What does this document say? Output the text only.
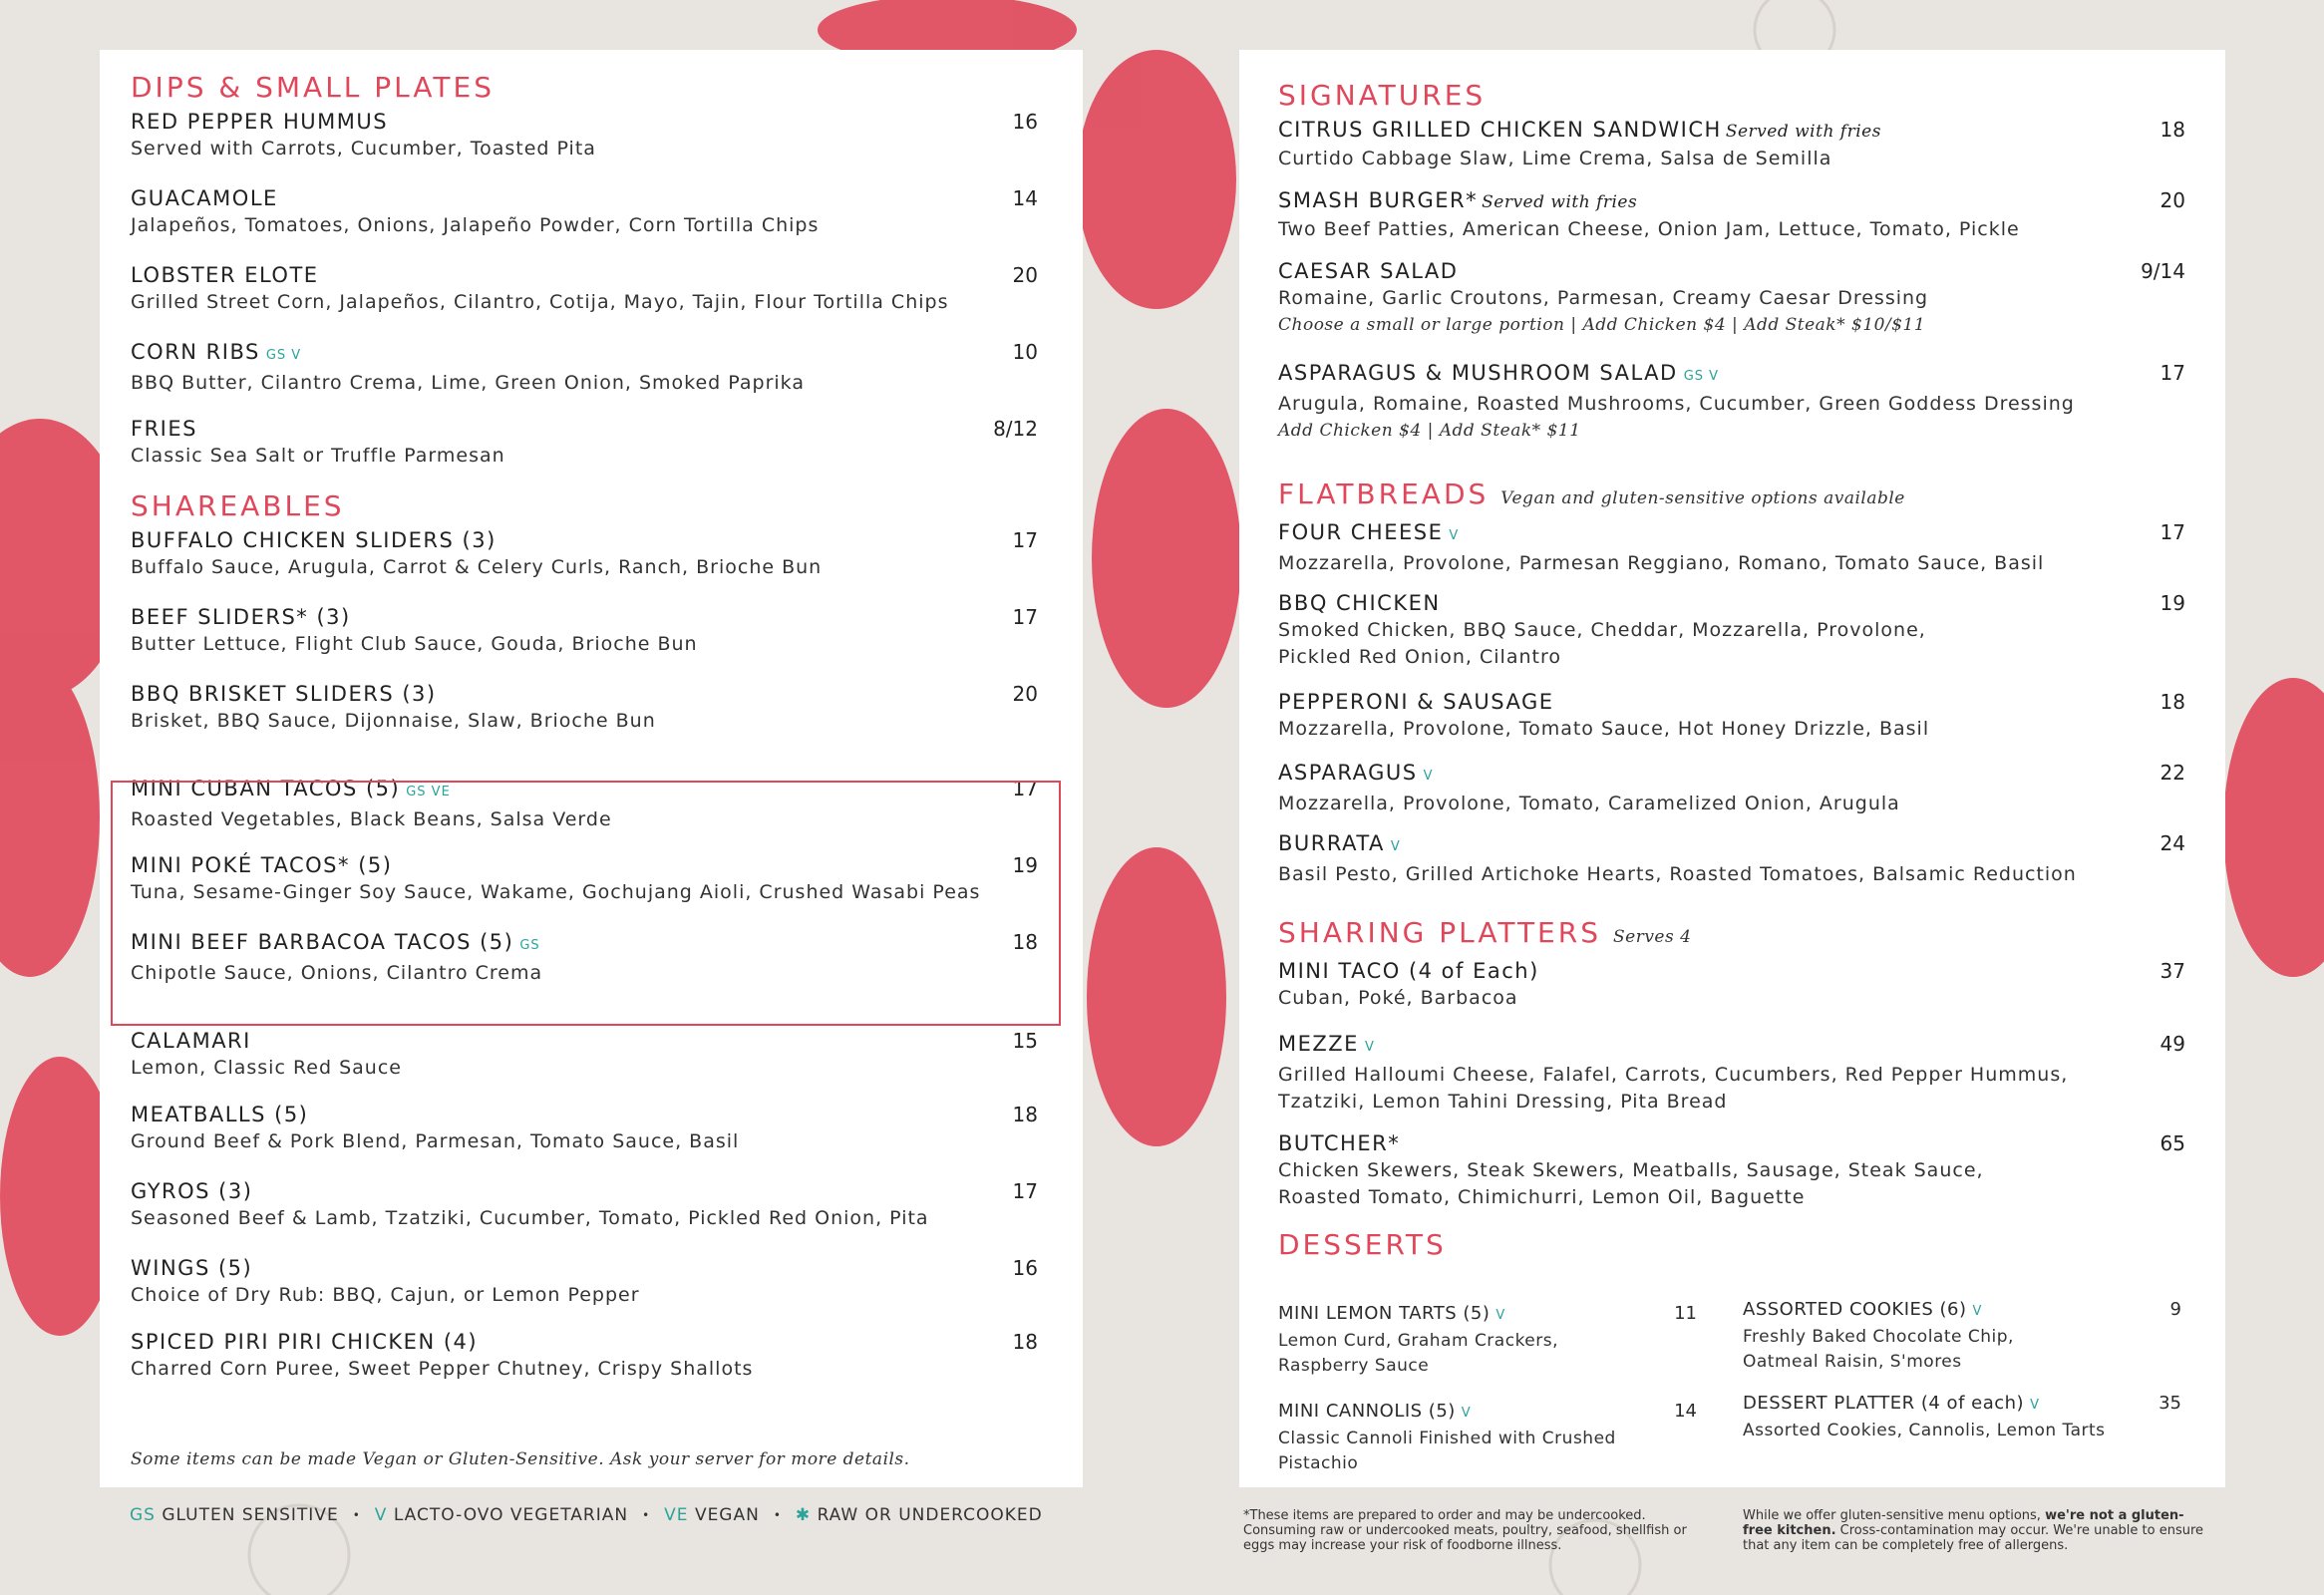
DIPS & SMALL PLATES
RED PEPPER HUMMUS
Served with Carrots, Cucumber, Toasted Pita
16
GUACAMOLE
Jalapeños, Tomatoes, Onions, Jalapeño Powder, Corn Tortilla Chips
14
LOBSTER ELOTE
Grilled Street Corn, Jalapeños, Cilantro, Cotija, Mayo, Tajin, Flour Tortilla Chips
20
CORN RIBS GS V
BBQ Butter, Cilantro Crema, Lime, Green Onion, Smoked Paprika
10
FRIES
Classic Sea Salt or Truffle Parmesan
8/12
SHAREABLES
BUFFALO CHICKEN SLIDERS (3)
Buffalo Sauce, Arugula, Carrot & Celery Curls, Ranch, Brioche Bun
17
BEEF SLIDERS* (3)
Butter Lettuce, Flight Club Sauce, Gouda, Brioche Bun
17
BBQ BRISKET SLIDERS (3)
Brisket, BBQ Sauce, Dijonnaise, Slaw, Brioche Bun
20
MINI CUBAN TACOS (5) GS VE
Roasted Vegetables, Black Beans, Salsa Verde
17
MINI POKÉ TACOS* (5)
Tuna, Sesame-Ginger Soy Sauce, Wakame, Gochujang Aioli, Crushed Wasabi Peas
19
MINI BEEF BARBACOA TACOS (5) GS
Chipotle Sauce, Onions, Cilantro Crema
18
CALAMARI
Lemon, Classic Red Sauce
15
MEATBALLS (5)
Ground Beef & Pork Blend, Parmesan, Tomato Sauce, Basil
18
GYROS (3)
Seasoned Beef & Lamb, Tzatziki, Cucumber, Tomato, Pickled Red Onion, Pita
17
WINGS (5)
Choice of Dry Rub: BBQ, Cajun, or Lemon Pepper
16
SPICED PIRI PIRI CHICKEN (4)
Charred Corn Puree, Sweet Pepper Chutney, Crispy Shallots
18
Some items can be made Vegan or Gluten-Sensitive. Ask your server for more details.
SIGNATURES
CITRUS GRILLED CHICKEN SANDWICH Served with fries
Curtido Cabbage Slaw, Lime Crema, Salsa de Semilla
18
SMASH BURGER* Served with fries
Two Beef Patties, American Cheese, Onion Jam, Lettuce, Tomato, Pickle
20
CAESAR SALAD
Romaine, Garlic Croutons, Parmesan, Creamy Caesar Dressing
Choose a small or large portion | Add Chicken $4 | Add Steak* $10/$11
9/14
ASPARAGUS & MUSHROOM SALAD GS V
Arugula, Romaine, Roasted Mushrooms, Cucumber, Green Goddess Dressing
Add Chicken $4 | Add Steak* $11
17
FLATBREADS Vegan and gluten-sensitive options available
FOUR CHEESE V
Mozzarella, Provolone, Parmesan Reggiano, Romano, Tomato Sauce, Basil
17
BBQ CHICKEN
Smoked Chicken, BBQ Sauce, Cheddar, Mozzarella, Provolone,
Pickled Red Onion, Cilantro
19
PEPPERONI & SAUSAGE
Mozzarella, Provolone, Tomato Sauce, Hot Honey Drizzle, Basil
18
ASPARAGUS V
Mozzarella, Provolone, Tomato, Caramelized Onion, Arugula
22
BURRATA V
Basil Pesto, Grilled Artichoke Hearts, Roasted Tomatoes, Balsamic Reduction
24
SHARING PLATTERS Serves 4
MINI TACO (4 of Each)
Cuban, Poké, Barbacoa
37
MEZZE V
Grilled Halloumi Cheese, Falafel, Carrots, Cucumbers, Red Pepper Hummus,
Tzatziki, Lemon Tahini Dressing, Pita Bread
49
BUTCHER*
Chicken Skewers, Steak Skewers, Meatballs, Sausage, Steak Sauce,
Roasted Tomato, Chimichurri, Lemon Oil, Baguette
65
DESSERTS
MINI LEMON TARTS (5) V
Lemon Curd, Graham Crackers,
Raspberry Sauce
11
MINI CANNOLIS (5) V
Classic Cannoli Finished with Crushed Pistachio
14
ASSORTED COOKIES (6) V
Freshly Baked Chocolate Chip,
Oatmeal Raisin, S'mores
9
DESSERT PLATTER (4 of each) V
Assorted Cookies, Cannolis, Lemon Tarts
35
GS GLUTEN SENSITIVE • V LACTO-OVO VEGETARIAN • VE VEGAN • ✱ RAW OR UNDERCOOKED	*These items are prepared to order and may be undercooked. Consuming raw or undercooked meats, poultry, seafood, shellfish or eggs may increase your risk of foodborne illness.
While we offer gluten-sensitive menu options, we're not a gluten-free kitchen. Cross-contamination may occur. We're unable to ensure that any item can be completely free of allergens.
